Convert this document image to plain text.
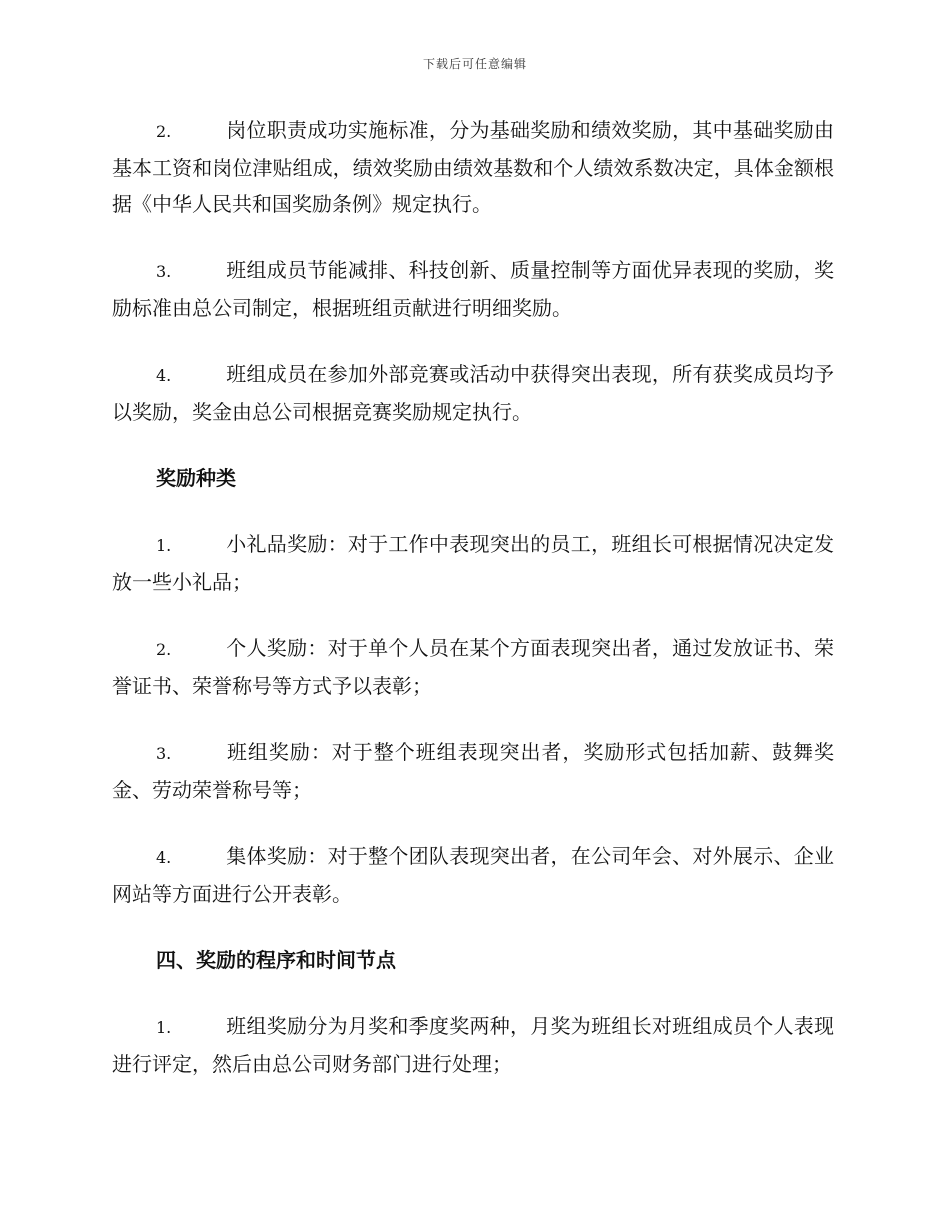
下载后可任意编辑
2.	岗位职责成功实施标准，分为基础奖励和绩效奖励，其中基础奖励由基本工资和岗位津贴组成，绩效奖励由绩效基数和个人绩效系数决定，具体金额根据《中华人民共和国奖励条例》规定执行。
3.	班组成员节能减排、科技创新、质量控制等方面优异表现的奖励，奖励标准由总公司制定，根据班组贡献进行明细奖励。
4.	班组成员在参加外部竞赛或活动中获得突出表现，所有获奖成员均予以奖励，奖金由总公司根据竞赛奖励规定执行。
奖励种类
1.	小礼品奖励：对于工作中表现突出的员工，班组长可根据情况决定发放一些小礼品；
2.	个人奖励：对于单个人员在某个方面表现突出者，通过发放证书、荣誉证书、荣誉称号等方式予以表彰；
3.	班组奖励：对于整个班组表现突出者，奖励形式包括加薪、鼓舞奖金、劳动荣誉称号等；
4.	集体奖励：对于整个团队表现突出者，在公司年会、对外展示、企业网站等方面进行公开表彰。
四、奖励的程序和时间节点
1.	班组奖励分为月奖和季度奖两种，月奖为班组长对班组成员个人表现进行评定，然后由总公司财务部门进行处理；
